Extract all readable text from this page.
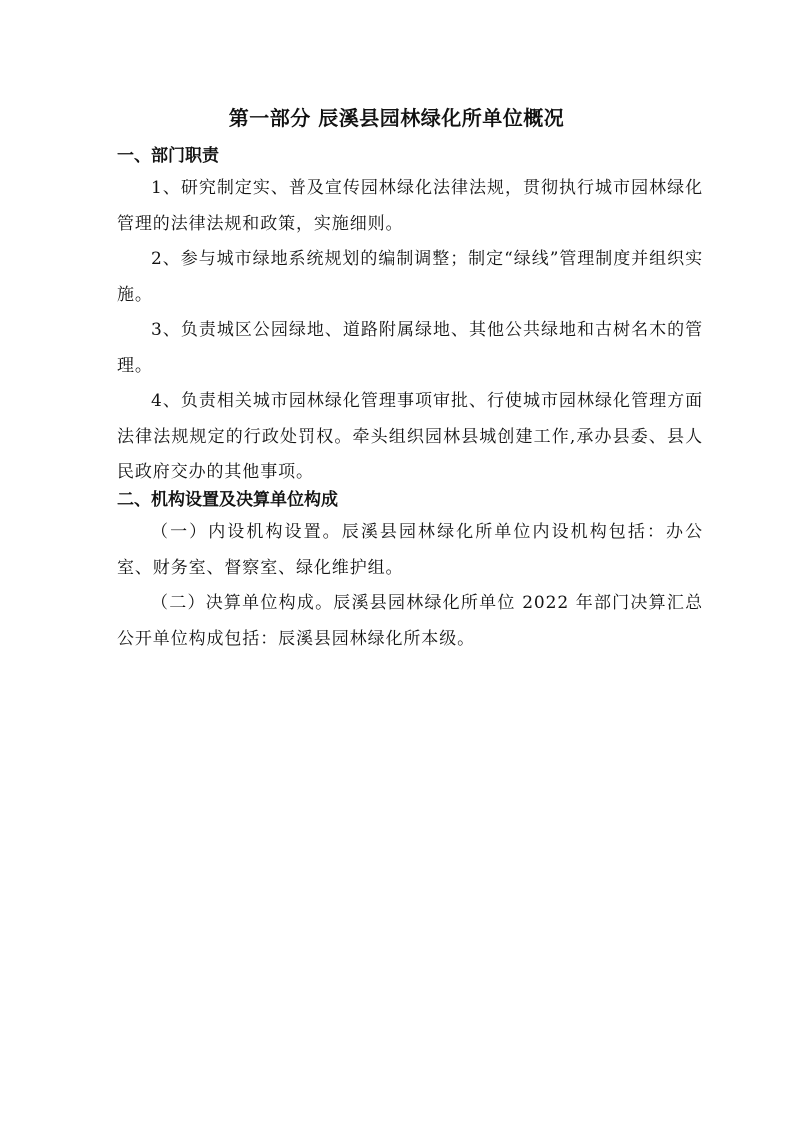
第一部分 辰溪县园林绿化所单位概况
一、部门职责

1、研究制定实、普及宣传园林绿化法律法规，贯彻执行城市园林绿化管理的法律法规和政策，实施细则。

2、参与城市绿地系统规划的编制调整；制定“绿线”管理制度并组织实施。

3、负责城区公园绿地、道路附属绿地、其他公共绿地和古树名木的管理。

4、负责相关城市园林绿化管理事项审批、行使城市园林绿化管理方面法律法规规定的行政处罚权。牵头组织园林县城创建工作,承办县委、县人民政府交办的其他事项。

二、机构设置及决算单位构成

（一）内设机构设置。辰溪县园林绿化所单位内设机构包括：办公室、财务室、督察室、绿化维护组。

（二）决算单位构成。辰溪县园林绿化所单位 2022 年部门决算汇总公开单位构成包括：辰溪县园林绿化所本级。
